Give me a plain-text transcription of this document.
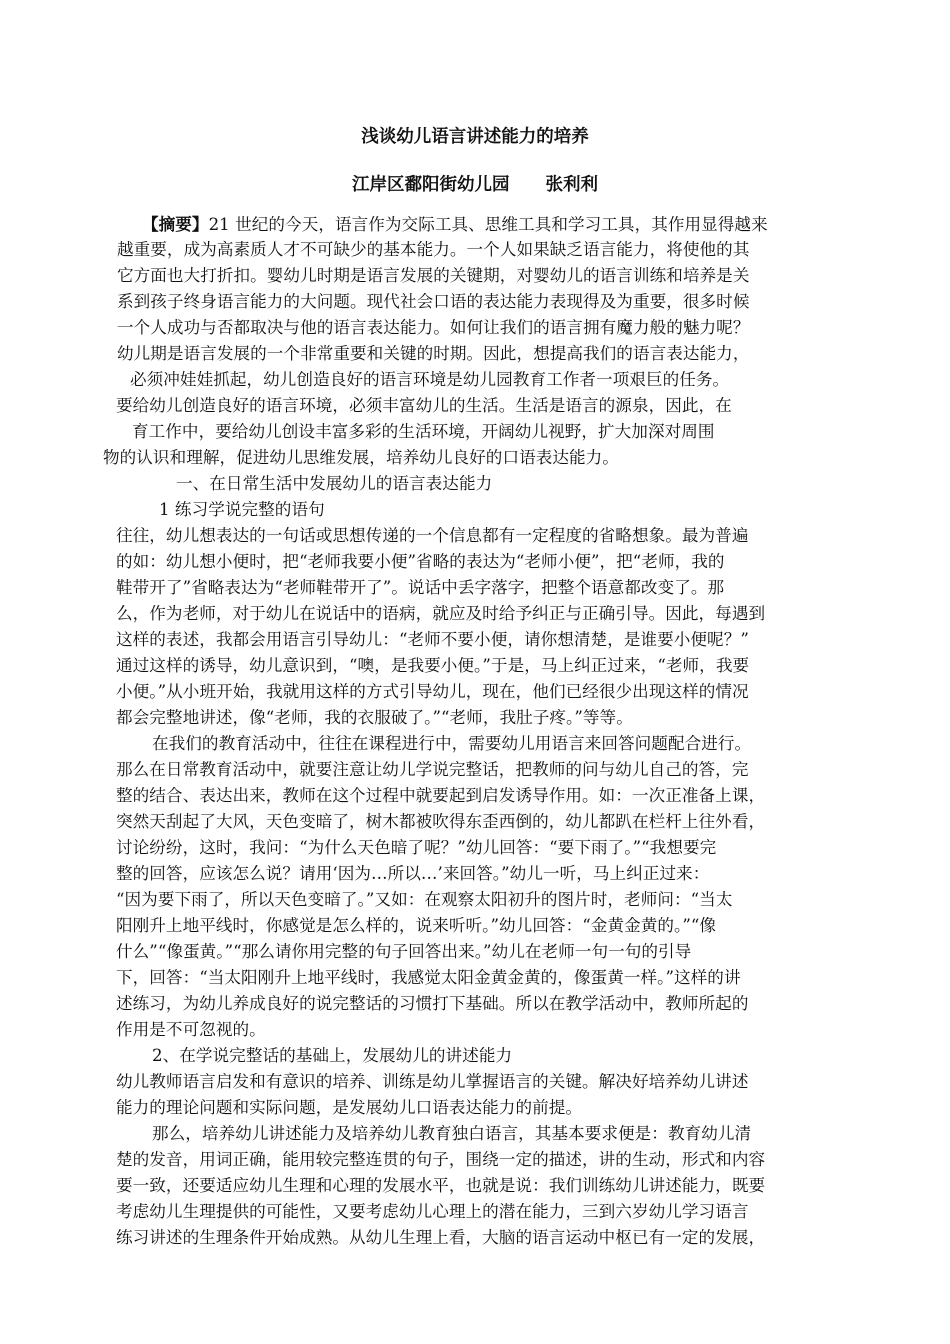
浅谈幼儿语言讲述能力的培养
江岸区鄱阳街幼儿园 张利利
【摘要】21 世纪的今天，语言作为交际工具、思维工具和学习工具，其作用显得越来
越重要，成为高素质人才不可缺少的基本能力。一个人如果缺乏语言能力，将使他的其
它方面也大打折扣。婴幼儿时期是语言发展的关键期，对婴幼儿的语言训练和培养是关
系到孩子终身语言能力的大问题。现代社会口语的表达能力表现得及为重要，很多时候
一个人成功与否都取决与他的语言表达能力。如何让我们的语言拥有魔力般的魅力呢？
幼儿期是语言发展的一个非常重要和关键的时期。因此，想提高我们的语言表达能力，
必须冲娃娃抓起，幼儿创造良好的语言环境是幼儿园教育工作者一项艰巨的任务。
要给幼儿创造良好的语言环境，必须丰富幼儿的生活。生活是语言的源泉，因此，在
育工作中，要给幼儿创设丰富多彩的生活环境，开阔幼儿视野，扩大加深对周围
物的认识和理解，促进幼儿思维发展，培养幼儿良好的口语表达能力。
一、在日常生活中发展幼儿的语言表达能力
1 练习学说完整的语句
往往，幼儿想表达的一句话或思想传递的一个信息都有一定程度的省略想象。最为普遍
的如：幼儿想小便时，把“老师我要小便”省略的表达为“老师小便”，把“老师，我的
鞋带开了”省略表达为“老师鞋带开了”。说话中丢字落字，把整个语意都改变了。那
么，作为老师，对于幼儿在说话中的语病，就应及时给予纠正与正确引导。因此，每遇到
这样的表述，我都会用语言引导幼儿：“老师不要小便，请你想清楚，是谁要小便呢？”
通过这样的诱导，幼儿意识到，“噢，是我要小便。”于是，马上纠正过来，“老师，我要
小便。”从小班开始，我就用这样的方式引导幼儿，现在，他们已经很少出现这样的情况
都会完整地讲述，像“老师，我的衣服破了。”“老师，我肚子疼。”等等。
在我们的教育活动中，往往在课程进行中，需要幼儿用语言来回答问题配合进行。
那么在日常教育活动中，就要注意让幼儿学说完整话，把教师的问与幼儿自己的答，完
整的结合、表达出来，教师在这个过程中就要起到启发诱导作用。如：一次正准备上课，
突然天刮起了大风，天色变暗了，树木都被吹得东歪西倒的，幼儿都趴在栏杆上往外看，
讨论纷纷，这时，我问：“为什么天色暗了呢？”幼儿回答：“要下雨了。”“我想要完
整的回答，应该怎么说？请用‘因为…所以…’来回答。”幼儿一听，马上纠正过来：
“因为要下雨了，所以天色变暗了。”又如：在观察太阳初升的图片时，老师问：“当太
阳刚升上地平线时，你感觉是怎么样的，说来听听。”幼儿回答：“金黄金黄的。”“像
什么”“像蛋黄。”“那么请你用完整的句子回答出来。”幼儿在老师一句一句的引导
下，回答：“当太阳刚升上地平线时，我感觉太阳金黄金黄的，像蛋黄一样。”这样的讲
述练习，为幼儿养成良好的说完整话的习惯打下基础。所以在教学活动中，教师所起的
作用是不可忽视的。
2、在学说完整话的基础上，发展幼儿的讲述能力
幼儿教师语言启发和有意识的培养、训练是幼儿掌握语言的关键。解决好培养幼儿讲述
能力的理论问题和实际问题，是发展幼儿口语表达能力的前提。
那么，培养幼儿讲述能力及培养幼儿教育独白语言，其基本要求便是：教育幼儿清
楚的发音，用词正确，能用较完整连贯的句子，围绕一定的描述，讲的生动，形式和内容
要一致，还要适应幼儿生理和心理的发展水平，也就是说：我们训练幼儿讲述能力，既要
考虑幼儿生理提供的可能性，又要考虑幼儿心理上的潜在能力，三到六岁幼儿学习语言
练习讲述的生理条件开始成熟。从幼儿生理上看，大脑的语言运动中枢已有一定的发展，
